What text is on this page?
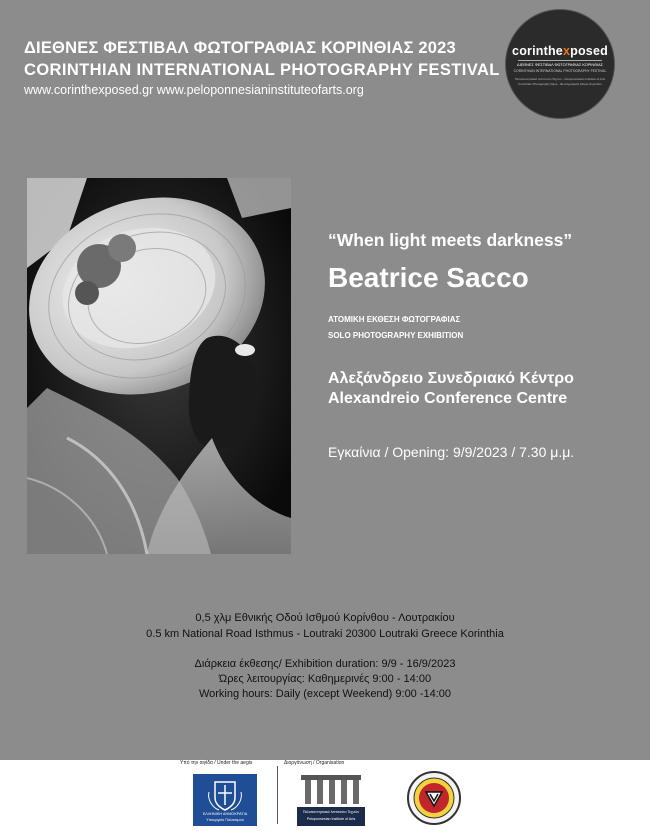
ΔΙΕΘΝΕΣ ΦΕΣΤΙΒΑΛ ΦΩΤΟΓΡΑΦΙΑΣ ΚΟΡΙΝΘΙΑΣ 2023
CORINTHIAN INTERNATIONAL PHOTOGRAPHY FESTIVAL
www.corinthexposed.gr www.peloponnesianinstituteofarts.org
corinthexposed
ΔΙΕΘΝΕΣ ΦΕΣΤΙΒΑΛ ΦΩΤΟΓΡΑΦΙΑΣ ΚΟΡΙΝΘΙΑΣ
CORINTHIAN INTERNATIONAL PHOTOGRAPHY FESTIVAL
Πελοποννησιακό Ινστιτούτο Τεχνών - Peloponnesian Institute of Arts
Corinthian Photography Days - Φωτογραφικές Μέρες Κορίνθου
“When light meets darkness”
Beatrice Sacco
ΑΤΟΜΙΚΗ ΕΚΘΕΣΗ ΦΩΤΟΓΡΑΦΙΑΣ
SOLO PHOTOGRAPHY EXHIBITION
Αλεξάνδρειο Συνεδριακό Κέντρο
Alexandreio Conference Centre
Εγκαίνια / Opening: 9/9/2023 / 7.30 μ.μ.
0,5 χλμ Εθνικής Οδού Ισθμού Κορίνθου - Λουτρακίου
0.5 km National Road Isthmus - Loutraki 20300 Loutraki Greece Korinthia
Διάρκεια έκθεσης/ Exhibition duration: 9/9 - 16/9/2023
Ώρες λειτουργίας: Καθημερινές 9:00 - 14:00
Working hours: Daily (except Weekend) 9:00 -14:00
Υπό την αιγίδα / Under the aegis	Διοργάνωση / Organisation
ΕΛΛΗΝΙΚΗ ΔΗΜΟΚΡΑΤΙΑ
Υπουργείο Πολιτισμού
Πελοποννησιακό Ινστιτούτο Τεχνών
Peloponnesian Institute of Arts
